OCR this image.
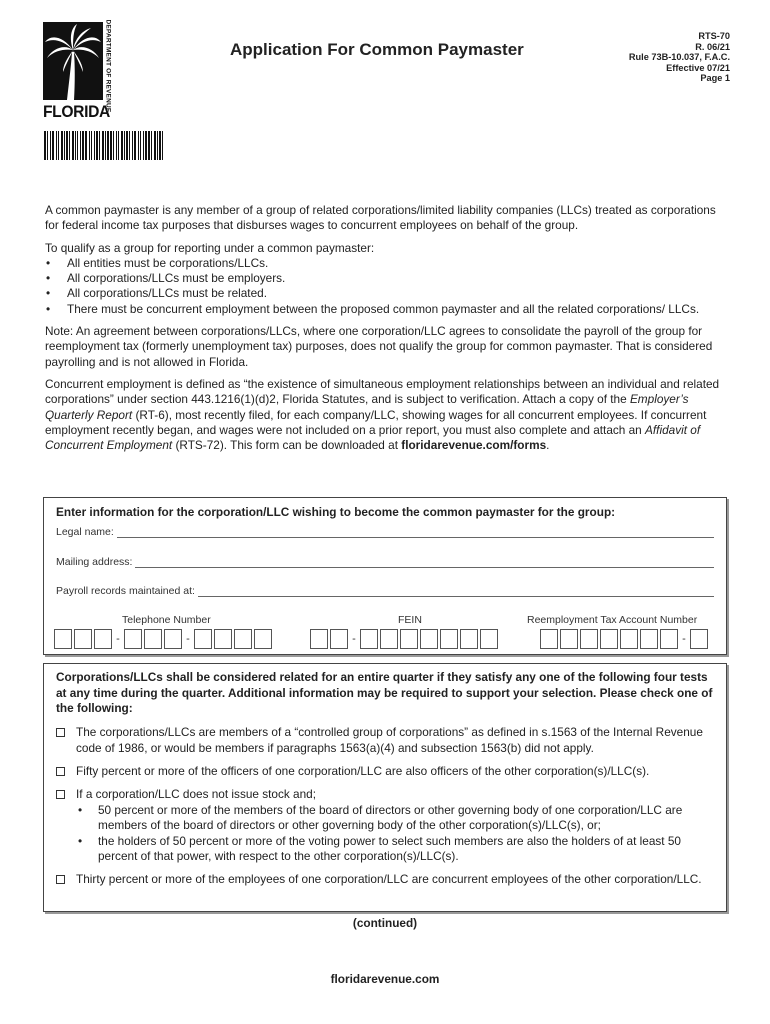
DEPARTMENT OF REVENUE
FLORIDA
Application For Common Paymaster
RTS-70
R. 06/21
Rule 73B-10.037, F.A.C.
Effective 07/21
Page 1

A common paymaster is any member of a group of related corporations/limited liability companies (LLCs) treated as corporations for federal income tax purposes that disburses wages to concurrent employees on behalf of the group.

To qualify as a group for reporting under a common paymaster:

• All entities must be corporations/LLCs.
• All corporations/LLCs must be employers.
• All corporations/LLCs must be related.
• There must be concurrent employment between the proposed common paymaster and all the related corporations/ LLCs.

Note: An agreement between corporations/LLCs, where one corporation/LLC agrees to consolidate the payroll of the group for reemployment tax (formerly unemployment tax) purposes, does not qualify the group for common paymaster. That is considered payrolling and is not allowed in Florida.

Concurrent employment is defined as “the existence of simultaneous employment relationships between an individual and related corporations” under section 443.1216(1)(d)2, Florida Statutes, and is subject to verification. Attach a copy of the Employer’s Quarterly Report (RT-6), most recently filed, for each company/LLC, showing wages for all concurrent employees. If concurrent employment recently began, and wages were not included on a prior report, you must also complete and attach an Affidavit of Concurrent Employment (RTS-72). This form can be downloaded at floridarevenue.com/forms.

Enter information for the corporation/LLC wishing to become the common paymaster for the group:
Legal name:
Mailing address:
Payroll records maintained at:
Telephone Number	FEIN	Reemployment Tax Account Number
-	-	-	-
Corporations/LLCs shall be considered related for an entire quarter if they satisfy any one of the following four tests at any time during the quarter. Additional information may be required to support your selection. Please check one of the following:
The corporations/LLCs are members of a “controlled group of corporations” as defined in s.1563 of the Internal Revenue code of 1986, or would be members if paragraphs 1563(a)(4) and subsection 1563(b) did not apply.
Fifty percent or more of the officers of one corporation/LLC are also officers of the other corporation(s)/LLC(s).
If a corporation/LLC does not issue stock and;
• 50 percent or more of the members of the board of directors or other governing body of one corporation/LLC are members of the board of directors or other governing body of the other corporation(s)/LLC(s), or;
• the holders of 50 percent or more of the voting power to select such members are also the holders of at least 50 percent of that power, with respect to the other corporation(s)/LLC(s).
Thirty percent or more of the employees of one corporation/LLC are concurrent employees of the other corporation/LLC.
(continued)
floridarevenue.com
